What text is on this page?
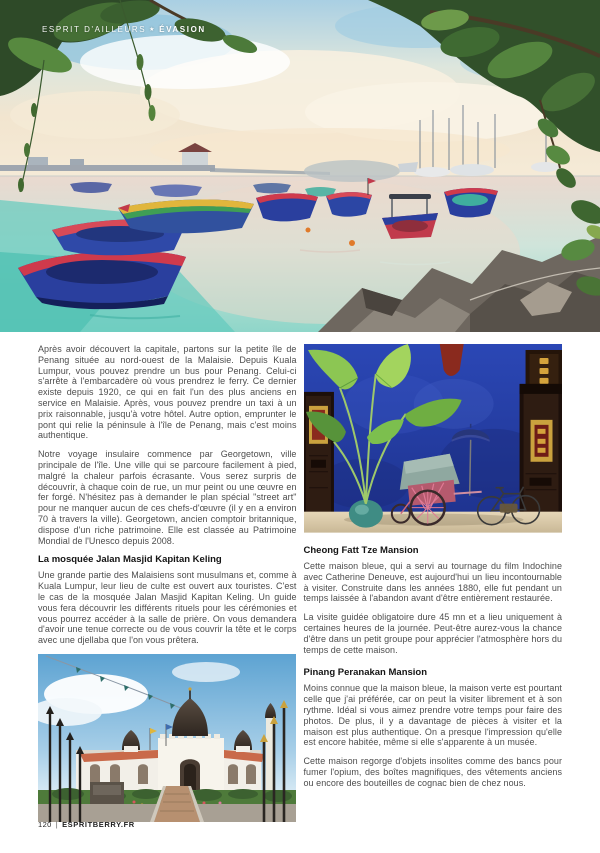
ESPRIT D'AILLEURS ★ ÉVASION

Après avoir découvert la capitale, partons sur la petite île de Penang située au nord-ouest de la Malaisie. Depuis Kuala Lumpur, vous pouvez prendre un bus pour Penang. Celui-ci s'arrête à l'embarcadère où vous prendrez le ferry. Ce dernier existe depuis 1920, ce qui en fait l'un des plus anciens en service en Malaisie. Après, vous pouvez prendre un taxi à un prix raisonnable, jusqu'à votre hôtel. Autre option, emprunter le pont qui relie la péninsule à l'île de Penang, mais c'est moins authentique.

Notre voyage insulaire commence par Georgetown, ville principale de l'île. Une ville qui se parcoure facilement à pied, malgré la chaleur parfois écrasante. Vous serez surpris de découvrir, à chaque coin de rue, un mur peint ou une œuvre en fer forgé. N'hésitez pas à demander le plan spécial "street art" pour ne manquer aucun de ces chefs-d'œuvre (il y en a environ 70 à travers la ville). Georgetown, ancien comptoir britannique, dispose d'un riche patrimoine. Elle est classée au Patrimoine Mondial de l'Unesco depuis 2008.

La mosquée Jalan Masjid Kapitan Keling

Une grande partie des Malaisiens sont musulmans et, comme à Kuala Lumpur, leur lieu de culte est ouvert aux touristes. C'est le cas de la mosquée Jalan Masjid Kapitan Keling. Un guide vous fera découvrir les différents rituels pour les cérémonies et vous pourrez accéder à la salle de prière. On vous demandera d'avoir une tenue correcte ou de vous couvrir la tête et le corps avec une djellaba que l'on vous prêtera.

Cheong Fatt Tze Mansion

Cette maison bleue, qui a servi au tournage du film Indochine avec Catherine Deneuve, est aujourd'hui un lieu incontournable à visiter. Construite dans les années 1880, elle fut pendant un temps laissée à l'abandon avant d'être entièrement restaurée.

La visite guidée obligatoire dure 45 mn et a lieu uniquement à certaines heures de la journée. Peut-être aurez-vous la chance d'être dans un petit groupe pour apprécier l'atmosphère hors du temps de cette maison.

Pinang Peranakan Mansion

Moins connue que la maison bleue, la maison verte est pourtant celle que j'ai préférée, car on peut la visiter librement et à son rythme. Idéal si vous aimez prendre votre temps pour faire des photos. De plus, il y a davantage de pièces à visiter et la maison est plus authentique. On a presque l'impression qu'elle est encore habitée, même si elle s'apparente à un musée.

Cette maison regorge d'objets insolites comme des bancs pour fumer l'opium, des boîtes magnifiques, des vêtements anciens ou encore des bouteilles de cognac bien de chez nous.

120 | ESPRITBERRY.FR
